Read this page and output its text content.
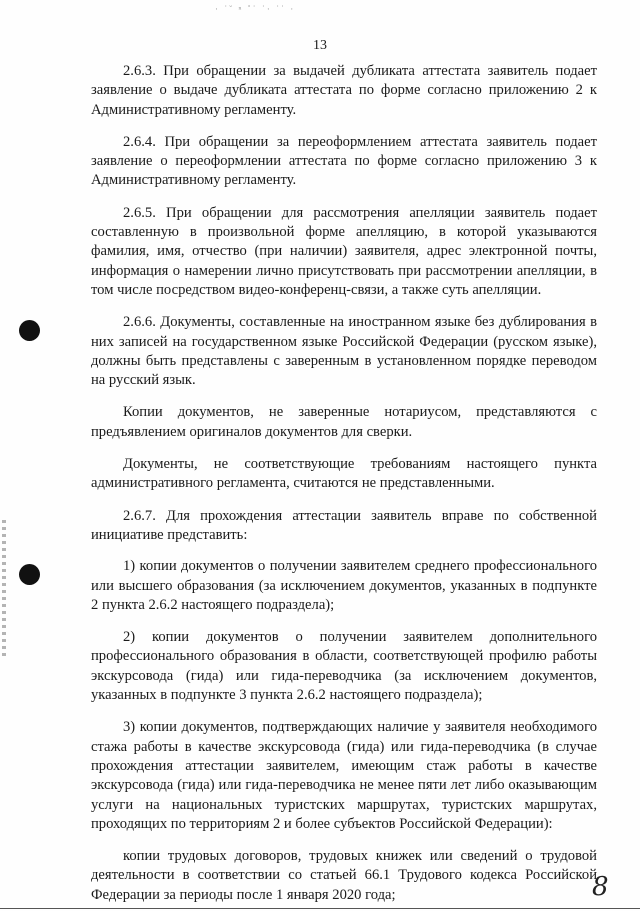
· ˙˘ ⁿ ˚˙ ˙· ˙˙ ·
13

2.6.3. При обращении за выдачей дубликата аттестата заявитель подает заявление о выдаче дубликата аттестата по форме согласно приложению 2 к Административному регламенту.

2.6.4. При обращении за переоформлением аттестата заявитель подает заявление о переоформлении аттестата по форме согласно приложению 3 к Административному регламенту.

2.6.5. При обращении для рассмотрения апелляции заявитель подает составленную в произвольной форме апелляцию, в которой указываются фамилия, имя, отчество (при наличии) заявителя, адрес электронной почты, информация о намерении лично присутствовать при рассмотрении апелляции, в том числе посредством видео-конференц-связи, а также суть апелляции.

2.6.6. Документы, составленные на иностранном языке без дублирования в них записей на государственном языке Российской Федерации (русском языке), должны быть представлены с заверенным в установленном порядке переводом на русский язык.

Копии документов, не заверенные нотариусом, представляются с предъявлением оригиналов документов для сверки.

Документы, не соответствующие требованиям настоящего пункта административного регламента, считаются не представленными.

2.6.7. Для прохождения аттестации заявитель вправе по собственной инициативе представить:

1) копии документов о получении заявителем среднего профессионального или высшего образования (за исключением документов, указанных в подпункте 2 пункта 2.6.2 настоящего подраздела);

2) копии документов о получении заявителем дополнительного профессионального образования в области, соответствующей профилю работы экскурсовода (гида) или гида-переводчика (за исключением документов, указанных в подпункте 3 пункта 2.6.2 настоящего подраздела);

3) копии документов, подтверждающих наличие у заявителя необходимого стажа работы в качестве экскурсовода (гида) или гида-переводчика (в случае прохождения аттестации заявителем, имеющим стаж работы в качестве экскурсовода (гида) или гида-переводчика не менее пяти лет либо оказывающим услуги на национальных туристских маршрутах, туристских маршрутах, проходящих по территориям 2 и более субъектов Российской Федерации):

копии трудовых договоров, трудовых книжек или сведений о трудовой деятельности в соответствии со статьей 66.1 Трудового кодекса Российской Федерации за периоды после 1 января 2020 года;	8
